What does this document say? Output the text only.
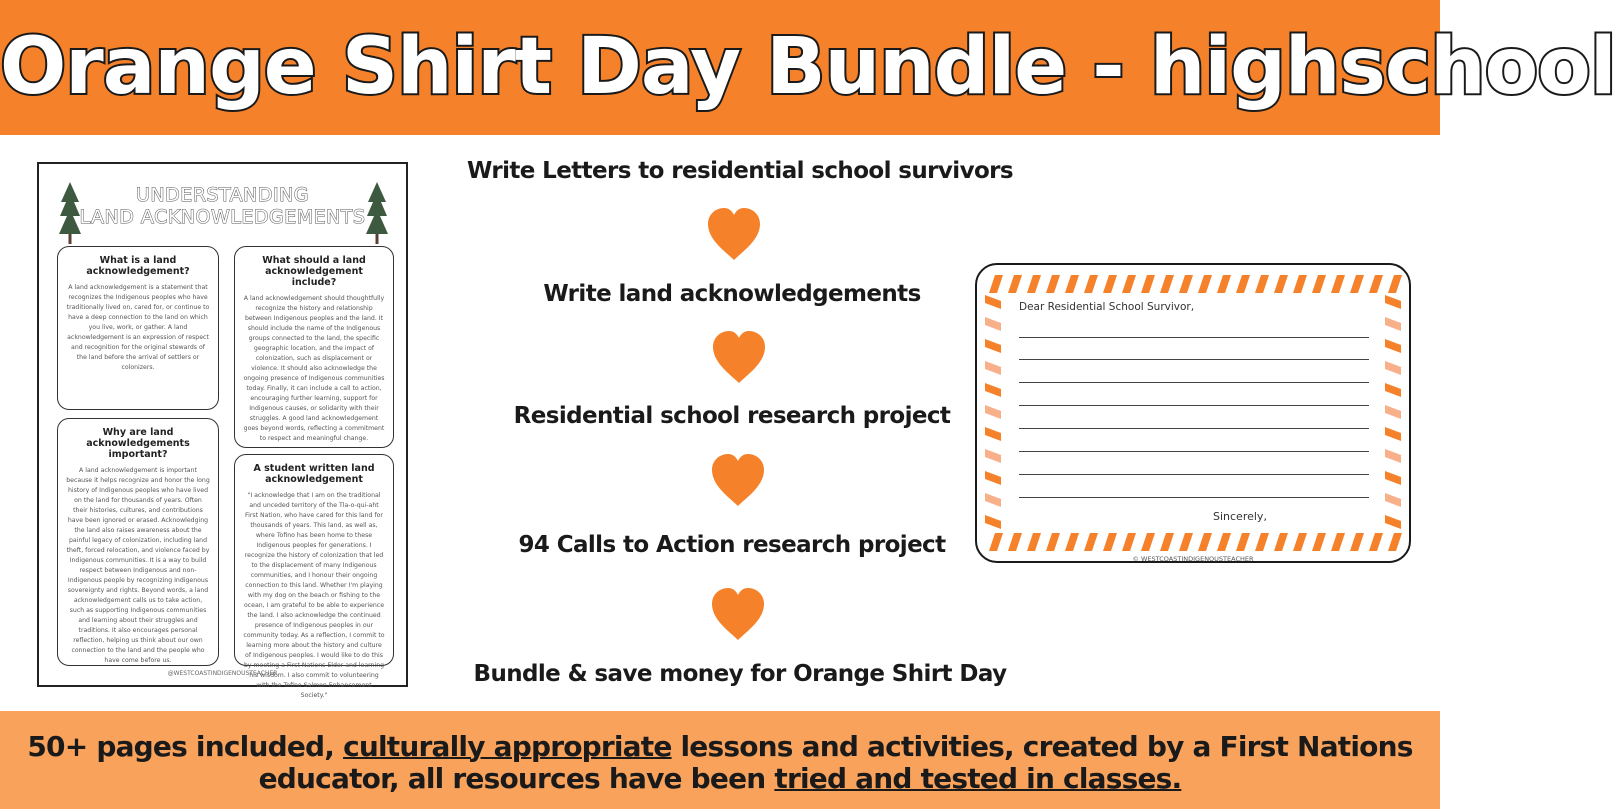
Orange Shirt Day Bundle - highschool
UNDERSTANDING
LAND ACKNOWLEDGEMENTS
What is a land acknowledgement?
A land acknowledgement is a statement that recognizes the Indigenous peoples who have traditionally lived on, cared for, or continue to have a deep connection to the land on which you live, work, or gather. A land acknowledgement is an expression of respect and recognition for the original stewards of the land before the arrival of settlers or colonizers.
What should a land acknowledgement include?
A land acknowledgement should thoughtfully recognize the history and relationship between Indigenous peoples and the land. It should include the name of the Indigenous groups connected to the land, the specific geographic location, and the impact of colonization, such as displacement or violence. It should also acknowledge the ongoing presence of Indigenous communities today. Finally, it can include a call to action, encouraging further learning, support for Indigenous causes, or solidarity with their struggles. A good land acknowledgement goes beyond words, reflecting a commitment to respect and meaningful change.
Why are land acknowledgements important?
A land acknowledgement is important because it helps recognize and honor the long history of Indigenous peoples who have lived on the land for thousands of years. Often their histories, cultures, and contributions have been ignored or erased. Acknowledging the land also raises awareness about the painful legacy of colonization, including land theft, forced relocation, and violence faced by Indigenous communities. It is a way to build respect between Indigenous and non-Indigenous people by recognizing Indigenous sovereignty and rights. Beyond words, a land acknowledgement calls us to take action, such as supporting Indigenous communities and learning about their struggles and traditions. It also encourages personal reflection, helping us think about our own connection to the land and the people who have come before us.
A student written land acknowledgement
"I acknowledge that I am on the traditional and unceded territory of the Tla-o-qui-aht First Nation, who have cared for this land for thousands of years. This land, as well as, where Tofino has been home to these Indigenous peoples for generations. I recognize the history of colonization that led to the displacement of many Indigenous communities, and I honour their ongoing connection to this land. Whether I'm playing with my dog on the beach or fishing to the ocean, I am grateful to be able to experience the land. I also acknowledge the continued presence of Indigenous peoples in our community today. As a reflection, I commit to learning more about the history and culture of Indigenous peoples. I would like to do this by meeting a First Nations Elder and learning his wisdom. I also commit to volunteering with the Tofino Salmon Enhancement Society."
@WESTCOASTINDIGENOUSTEACHER
Write Letters to residential school survivors
Write land acknowledgements
Residential school research project
94 Calls to Action research project
Bundle & save money for Orange Shirt Day
Dear Residential School Survivor,
Sincerely,
© WESTCOASTINDIGENOUSTEACHER
50+ pages included, culturally appropriate lessons and activities, created by a First Nations educator, all resources have been tried and tested in classes.
